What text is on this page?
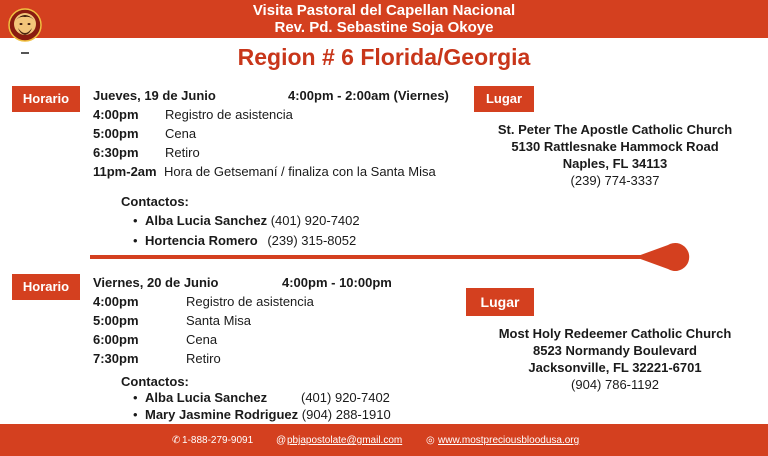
Visita Pastoral del Capellan Nacional
Rev. Pd. Sebastine Soja Okoye
Region # 6 Florida/Georgia
Horario	Jueves, 19 de Junio	4:00pm - 2:00am (Viernes)
4:00pm Registro de asistencia
5:00pm Cena
6:30pm Retiro
11pm-2am Hora de Getsemaní / finaliza con la Santa Misa
Contactos:
• Alba Lucia Sanchez (401) 920-7402
• Hortencia Romero (239) 315-8052
Lugar
St. Peter The Apostle Catholic Church
5130 Rattlesnake Hammock Road
Naples, FL 34113
(239) 774-3337
Horario	Viernes, 20 de Junio	4:00pm - 10:00pm
4:00pm	Registro de asistencia
5:00pm	Santa Misa
6:00pm	Cena
7:30pm	Retiro
Contactos:
• Alba Lucia Sanchez	(401) 920-7402
• Mary Jasmine Rodriguez (904) 288-1910
Lugar
Most Holy Redeemer Catholic Church
8523 Normandy Boulevard
Jacksonville, FL 32221-6701
(904) 786-1192
✆ 1-888-279-9091 @ pbjapostolate@gmail.com ◎ www.mostpreciousbloodusa.org
